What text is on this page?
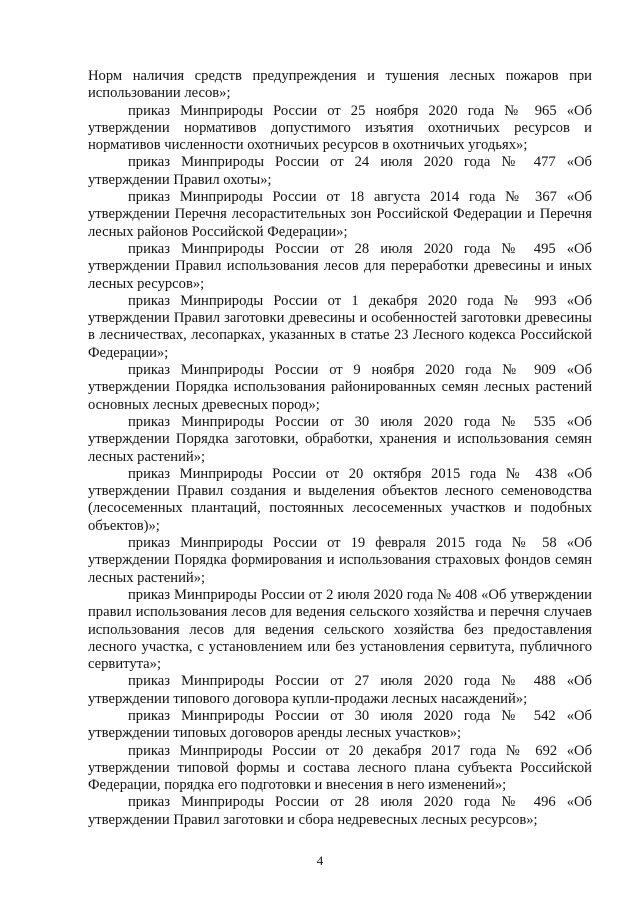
Норм наличия средств предупреждения и тушения лесных пожаров при использовании лесов»;

приказ Минприроды России от 25 ноября 2020 года № 965 «Об утверждении нормативов допустимого изъятия охотничьих ресурсов и нормативов численности охотничьих ресурсов в охотничьих угодьях»;

приказ Минприроды России от 24 июля 2020 года № 477 «Об утверждении Правил охоты»;

приказ Минприроды России от 18 августа 2014 года № 367 «Об утверждении Перечня лесорастительных зон Российской Федерации и Перечня лесных районов Российской Федерации»;

приказ Минприроды России от 28 июля 2020 года № 495 «Об утверждении Правил использования лесов для переработки древесины и иных лесных ресурсов»;

приказ Минприроды России от 1 декабря 2020 года № 993 «Об утверждении Правил заготовки древесины и особенностей заготовки древесины в лесничествах, лесопарках, указанных в статье 23 Лесного кодекса Российской Федерации»;

приказ Минприроды России от 9 ноября 2020 года № 909 «Об утверждении Порядка использования районированных семян лесных растений основных лесных древесных пород»;

приказ Минприроды России от 30 июля 2020 года № 535 «Об утверждении Порядка заготовки, обработки, хранения и использования семян лесных растений»;

приказ Минприроды России от 20 октября 2015 года № 438 «Об утверждении Правил создания и выделения объектов лесного семеноводства (лесосеменных плантаций, постоянных лесосеменных участков и подобных объектов)»;

приказ Минприроды России от 19 февраля 2015 года № 58 «Об утверждении Порядка формирования и использования страховых фондов семян лесных растений»;

приказ Минприроды России от 2 июля 2020 года № 408 «Об утверждении правил использования лесов для ведения сельского хозяйства и перечня случаев использования лесов для ведения сельского хозяйства без предоставления лесного участка, с установлением или без установления сервитута, публичного сервитута»;

приказ Минприроды России от 27 июля 2020 года № 488 «Об утверждении типового договора купли-продажи лесных насаждений»;

приказ Минприроды России от 30 июля 2020 года № 542 «Об утверждении типовых договоров аренды лесных участков»;

приказ Минприроды России от 20 декабря 2017 года № 692 «Об утверждении типовой формы и состава лесного плана субъекта Российской Федерации, порядка его подготовки и внесения в него изменений»;

приказ Минприроды России от 28 июля 2020 года № 496 «Об утверждении Правил заготовки и сбора недревесных лесных ресурсов»;

4
